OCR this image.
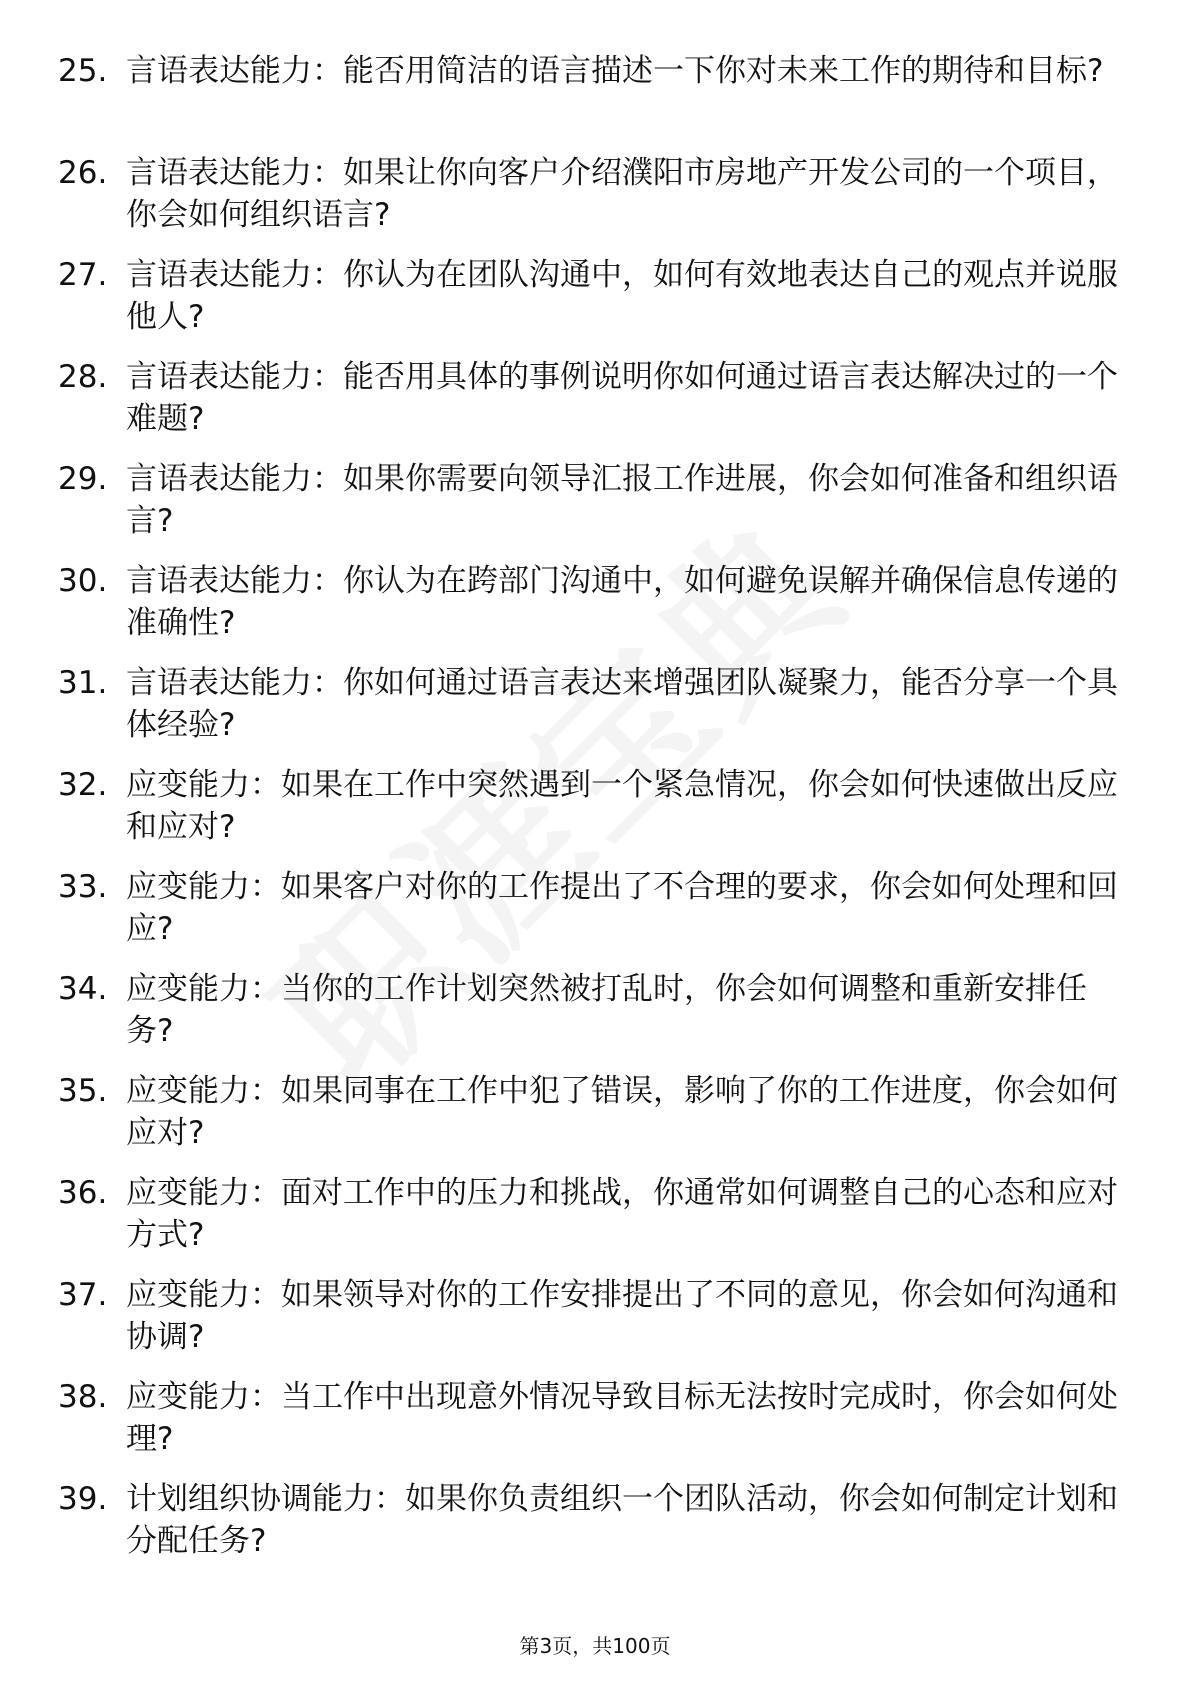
25. 言语表达能力：能否用简洁的语言描述一下你对未来工作的期待和目标?
26. 言语表达能力：如果让你向客户介绍濮阳市房地产开发公司的一个项目，你会如何组织语言?
27. 言语表达能力：你认为在团队沟通中，如何有效地表达自己的观点并说服他人?
28. 言语表达能力：能否用具体的事例说明你如何通过语言表达解决过的一个难题?
29. 言语表达能力：如果你需要向领导汇报工作进展，你会如何准备和组织语言?
30. 言语表达能力：你认为在跨部门沟通中，如何避免误解并确保信息传递的准确性?
31. 言语表达能力：你如何通过语言表达来增强团队凝聚力，能否分享一个具体经验?
32. 应变能力：如果在工作中突然遇到一个紧急情况，你会如何快速做出反应和应对?
33. 应变能力：如果客户对你的工作提出了不合理的要求，你会如何处理和回应?
34. 应变能力：当你的工作计划突然被打乱时，你会如何调整和重新安排任务?
35. 应变能力：如果同事在工作中犯了错误，影响了你的工作进度，你会如何应对?
36. 应变能力：面对工作中的压力和挑战，你通常如何调整自己的心态和应对方式?
37. 应变能力：如果领导对你的工作安排提出了不同的意见，你会如何沟通和协调?
38. 应变能力：当工作中出现意外情况导致目标无法按时完成时，你会如何处理?
39. 计划组织协调能力：如果你负责组织一个团队活动，你会如何制定计划和分配任务?
第3页，共100页
